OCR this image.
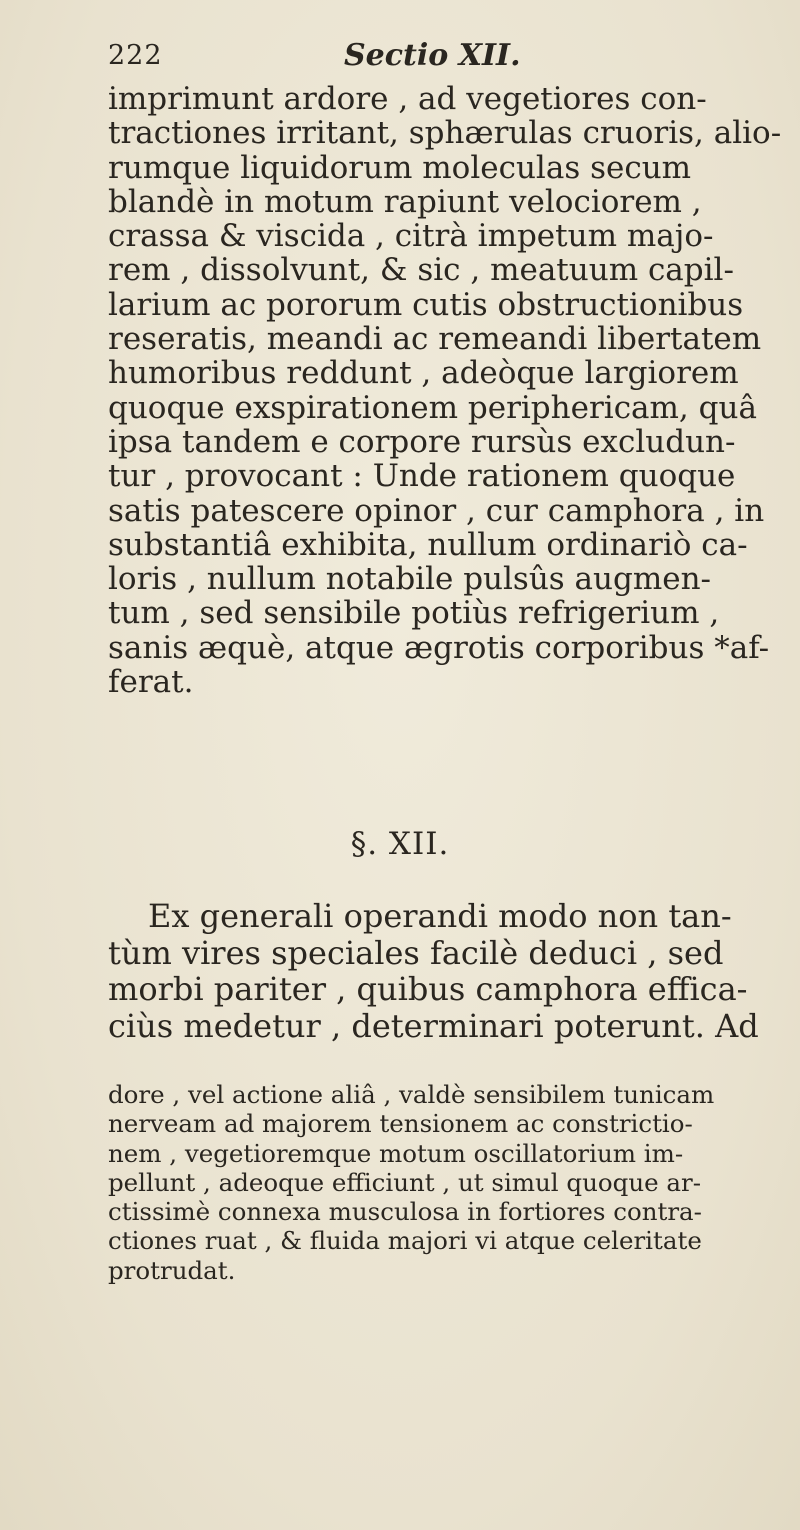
222	Sectio XII.
imprimunt ardore , ad vegetiores con-
tractiones irritant, sphærulas cruoris, alio-
rumque liquidorum moleculas secum
blandè in motum rapiunt velociorem ,
crassa & viscida , citrà impetum majo-
rem , dissolvunt, & sic , meatuum capil-
larium ac pororum cutis obstructionibus
reseratis, meandi ac remeandi libertatem
humoribus reddunt , adeòque largiorem
quoque exspirationem periphericam, quâ
ipsa tandem e corpore rursùs excludun-
tur , provocant : Unde rationem quoque
satis patescere opinor , cur camphora , in
substantiâ exhibita, nullum ordinariò ca-
loris , nullum notabile pulsûs augmen-
tum , sed sensibile potiùs refrigerium ,
sanis æquè, atque ægrotis corporibus *af-
ferat.
§. XII.
Ex generali operandi modo non tan-
tùm vires speciales facilè deduci , sed
morbi pariter , quibus camphora effica-
ciùs medetur , determinari poterunt. Ad
dore , vel actione aliâ , valdè sensibilem tunicam
nerveam ad majorem tensionem ac constrictio-
nem , vegetioremque motum oscillatorium im-
pellunt , adeoque efficiunt , ut simul quoque ar-
ctissimè connexa musculosa in fortiores contra-
ctiones ruat , & fluida majori vi atque celeritate
protrudat.
